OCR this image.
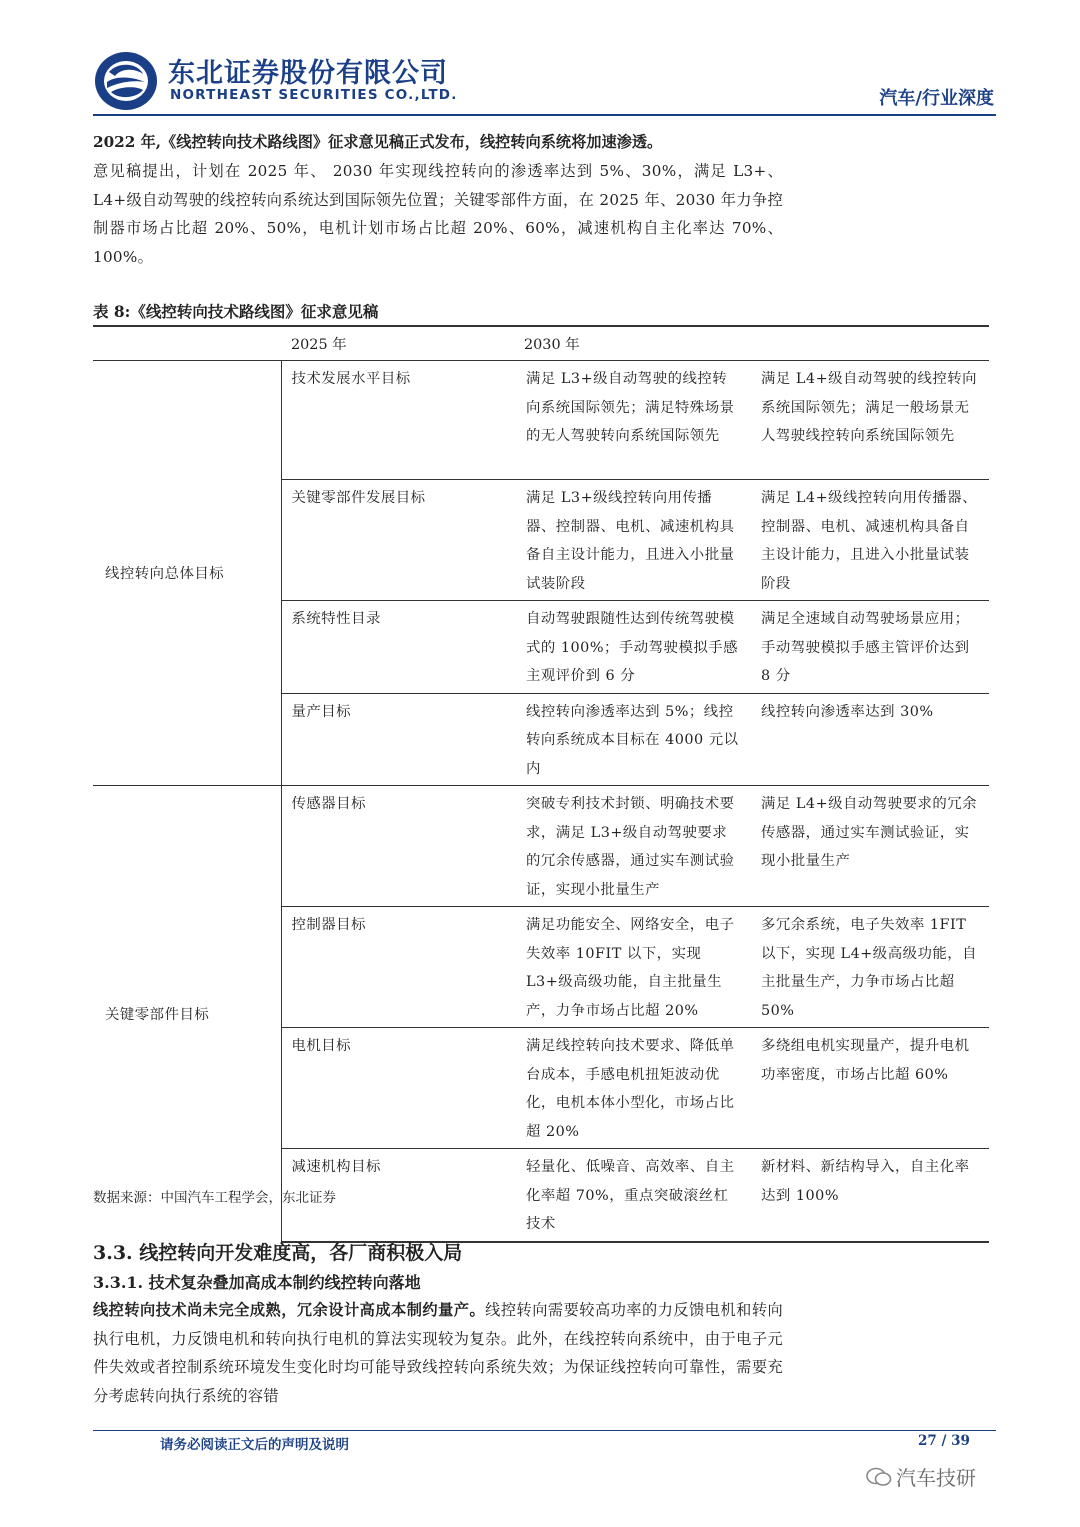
东北证券股份有限公司
NORTHEAST SECURITIES CO.,LTD.	汽车/行业深度
2022 年,《线控转向技术路线图》征求意见稿正式发布，线控转向系统将加速渗透。
意见稿提出，计划在 2025 年、 2030 年实现线控转向的渗透率达到 5%、30%，满足 L3+、L4+级自动驾驶的线控转向系统达到国际领先位置；关键零部件方面，在 2025 年、2030 年力争控制器市场占比超 20%、50%，电机计划市场占比超 20%、60%，减速机构自主化率达 70%、100%。
表 8:《线控转向技术路线图》征求意见稿
	2025 年	2030 年	
线控转向总体目标	技术发展水平目标	满足 L3+级自动驾驶的线控转向系统国际领先；满足特殊场景的无人驾驶转向系统国际领先	满足 L4+级自动驾驶的线控转向系统国际领先；满足一般场景无人驾驶线控转向系统国际领先
	关键零部件发展目标	满足 L3+级线控转向用传播器、控制器、电机、减速机构具备自主设计能力，且进入小批量试装阶段	满足 L4+级线控转向用传播器、控制器、电机、减速机构具备自主设计能力，且进入小批量试装阶段
	系统特性目录	自动驾驶跟随性达到传统驾驶模式的 100%；手动驾驶模拟手感主观评价到 6 分	满足全速域自动驾驶场景应用；手动驾驶模拟手感主管评价达到 8 分
	量产目标	线控转向渗透率达到 5%；线控转向系统成本目标在 4000 元以内	线控转向渗透率达到 30%
关键零部件目标	传感器目标	突破专利技术封锁、明确技术要求，满足 L3+级自动驾驶要求的冗余传感器，通过实车测试验证，实现小批量生产	满足 L4+级自动驾驶要求的冗余传感器，通过实车测试验证，实现小批量生产
	控制器目标	满足功能安全、网络安全，电子失效率 10FIT 以下，实现 L3+级高级功能，自主批量生产，力争市场占比超 20%	多冗余系统，电子失效率 1FIT 以下，实现 L4+级高级功能，自主批量生产，力争市场占比超 50%
	电机目标	满足线控转向技术要求、降低单台成本，手感电机扭矩波动优化，电机本体小型化，市场占比超 20%	多绕组电机实现量产，提升电机功率密度，市场占比超 60%
	减速机构目标	轻量化、低噪音、高效率、自主化率超 70%，重点突破滚丝杠技术	新材料、新结构导入，自主化率达到 100%
数据来源：中国汽车工程学会，东北证券
3.3. 线控转向开发难度高，各厂商积极入局
3.3.1. 技术复杂叠加高成本制约线控转向落地
线控转向技术尚未完全成熟，冗余设计高成本制约量产。线控转向需要较高功率的力反馈电机和转向执行电机，力反馈电机和转向执行电机的算法实现较为复杂。此外，在线控转向系统中，由于电子元件失效或者控制系统环境发生变化时均可能导致线控转向系统失效；为保证线控转向可靠性，需要充分考虑转向执行系统的容错
请务必阅读正文后的声明及说明	27 / 39
汽车技研
